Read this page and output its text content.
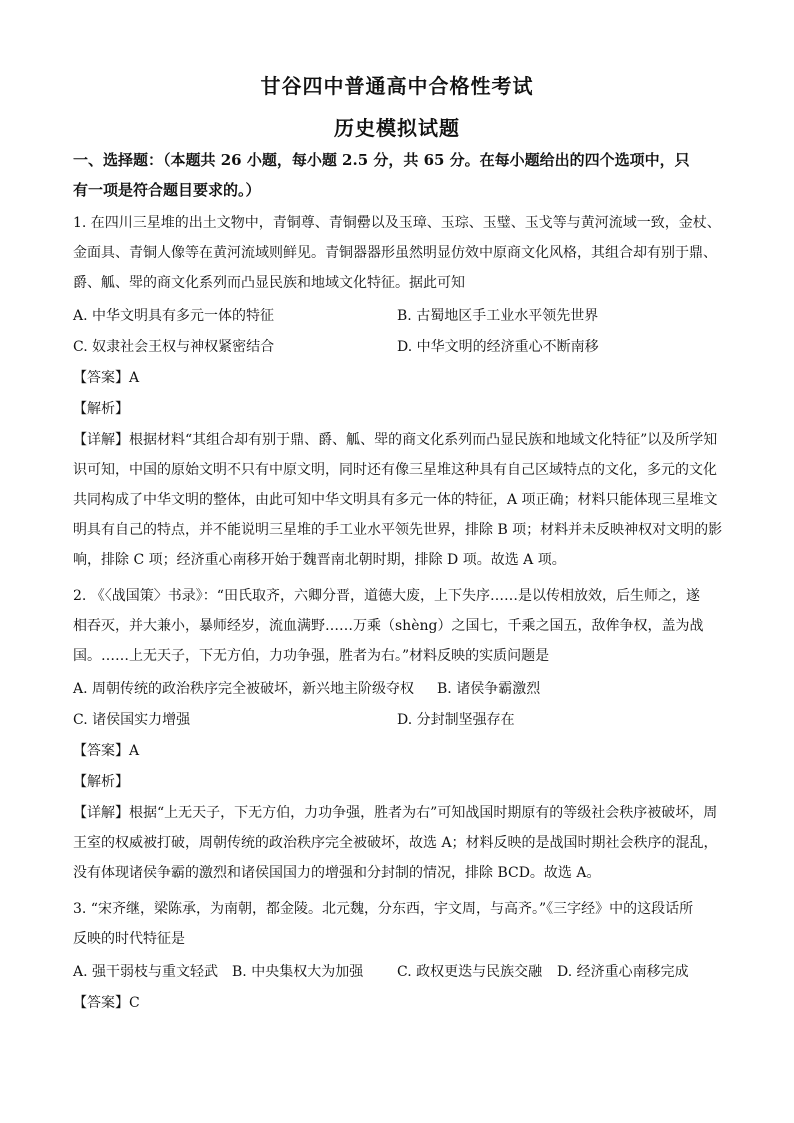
甘谷四中普通高中合格性考试
历史模拟试题
一、选择题：（本题共 26 小题，每小题 2.5 分，共 65 分。在每小题给出的四个选项中，只
有一项是符合题目要求的。）
1. 在四川三星堆的出土文物中，青铜尊、青铜罍以及玉璋、玉琮、玉璧、玉戈等与黄河流域一致，金杖、
金面具、青铜人像等在黄河流域则鲜见。青铜器器形虽然明显仿效中原商文化风格，其组合却有别于鼎、
爵、觚、斝的商文化系列而凸显民族和地域文化特征。据此可知
A. 中华文明具有多元一体的特征	B. 古蜀地区手工业水平领先世界
C. 奴隶社会王权与神权紧密结合	D. 中华文明的经济重心不断南移
【答案】A
【解析】
【详解】根据材料“其组合却有别于鼎、爵、觚、斝的商文化系列而凸显民族和地域文化特征”以及所学知
识可知，中国的原始文明不只有中原文明，同时还有像三星堆这种具有自己区域特点的文化，多元的文化
共同构成了中华文明的整体，由此可知中华文明具有多元一体的特征，A 项正确；材料只能体现三星堆文
明具有自己的特点，并不能说明三星堆的手工业水平领先世界，排除 B 项；材料并未反映神权对文明的影
响，排除 C 项；经济重心南移开始于魏晋南北朝时期，排除 D 项。故选 A 项。
2. 《〈战国策〉书录》：“田氏取齐，六卿分晋，道德大废，上下失序……是以传相放效，后生师之，遂
相吞灭，并大兼小，暴师经岁，流血满野……万乘（shèng）之国七，千乘之国五，敌侔争权，盖为战
国。……上无天子，下无方伯，力功争强，胜者为右。”材料反映的实质问题是
A. 周朝传统的政治秩序完全被破坏，新兴地主阶级夺权 B. 诸侯争霸激烈
C. 诸侯国实力增强	D. 分封制坚强存在
【答案】A
【解析】
【详解】根据“上无天子，下无方伯，力功争强，胜者为右”可知战国时期原有的等级社会秩序被破坏，周
王室的权威被打破，周朝传统的政治秩序完全被破坏，故选 A；材料反映的是战国时期社会秩序的混乱，
没有体现诸侯争霸的激烈和诸侯国国力的增强和分封制的情况，排除 BCD。故选 A。
3. “宋齐继，梁陈承，为南朝，都金陵。北元魏，分东西，宇文周，与高齐。”《三字经》中的这段话所
反映的时代特征是
A. 强干弱枝与重文轻武 B. 中央集权大为加强 C. 政权更迭与民族交融 D. 经济重心南移完成
【答案】C
